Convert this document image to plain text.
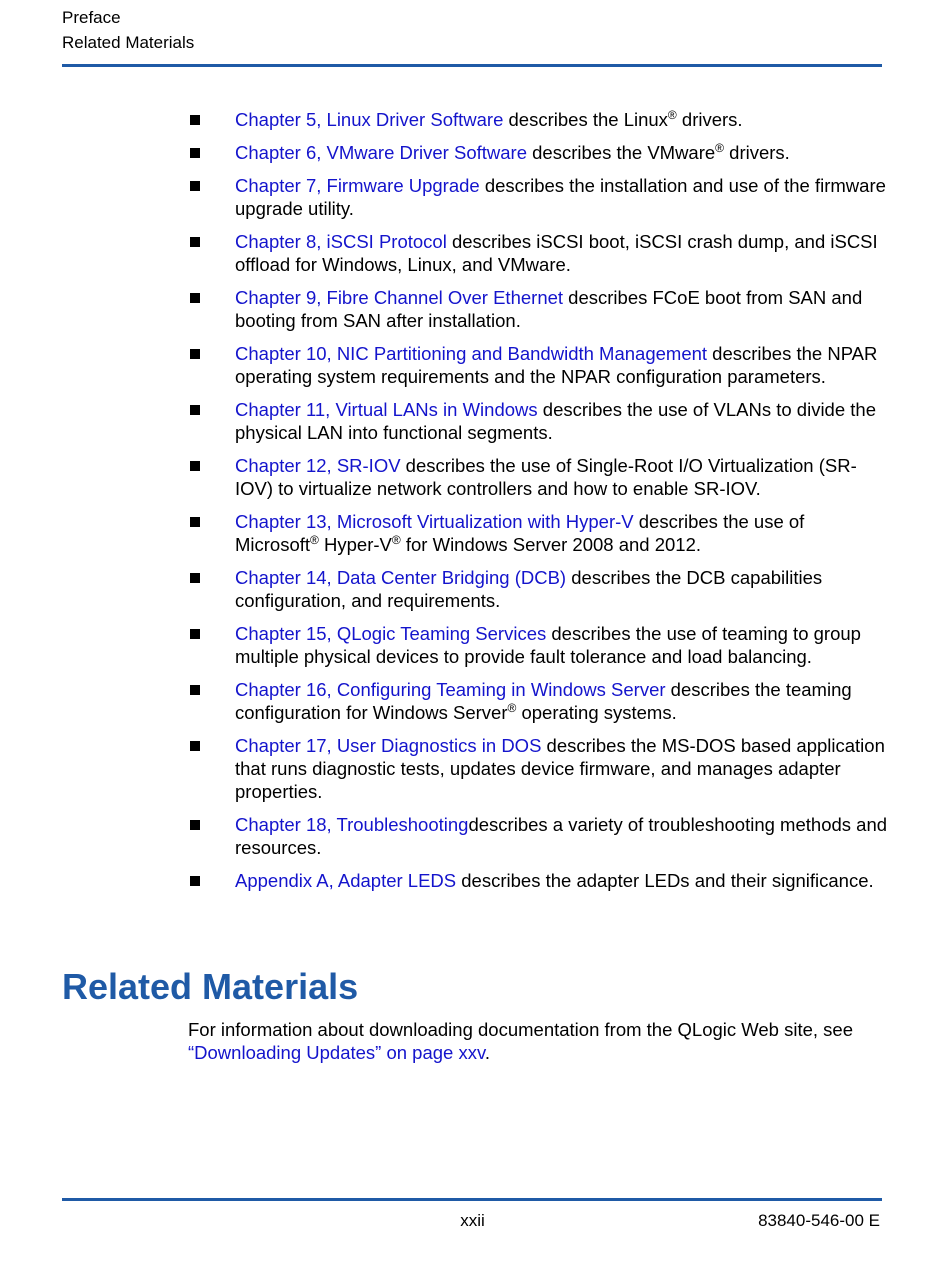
Preface
Related Materials
Chapter 5, Linux Driver Software describes the Linux® drivers.
Chapter 6, VMware Driver Software describes the VMware® drivers.
Chapter 7, Firmware Upgrade describes the installation and use of the firmware upgrade utility.
Chapter 8, iSCSI Protocol describes iSCSI boot, iSCSI crash dump, and iSCSI offload for Windows, Linux, and VMware.
Chapter 9, Fibre Channel Over Ethernet describes FCoE boot from SAN and booting from SAN after installation.
Chapter 10, NIC Partitioning and Bandwidth Management describes the NPAR operating system requirements and the NPAR configuration parameters.
Chapter 11, Virtual LANs in Windows describes the use of VLANs to divide the physical LAN into functional segments.
Chapter 12, SR-IOV describes the use of Single-Root I/O Virtualization (SR-IOV) to virtualize network controllers and how to enable SR-IOV.
Chapter 13, Microsoft Virtualization with Hyper-V describes the use of Microsoft® Hyper-V® for Windows Server 2008 and 2012.
Chapter 14, Data Center Bridging (DCB) describes the DCB capabilities configuration, and requirements.
Chapter 15, QLogic Teaming Services describes the use of teaming to group multiple physical devices to provide fault tolerance and load balancing.
Chapter 16, Configuring Teaming in Windows Server describes the teaming configuration for Windows Server® operating systems.
Chapter 17, User Diagnostics in DOS describes the MS-DOS based application that runs diagnostic tests, updates device firmware, and manages adapter properties.
Chapter 18, Troubleshootingdescribes a variety of troubleshooting methods and resources.
Appendix A, Adapter LEDS describes the adapter LEDs and their significance.
Related Materials

For information about downloading documentation from the QLogic Web site, see “Downloading Updates” on page xxv.

xxii	83840-546-00 E
